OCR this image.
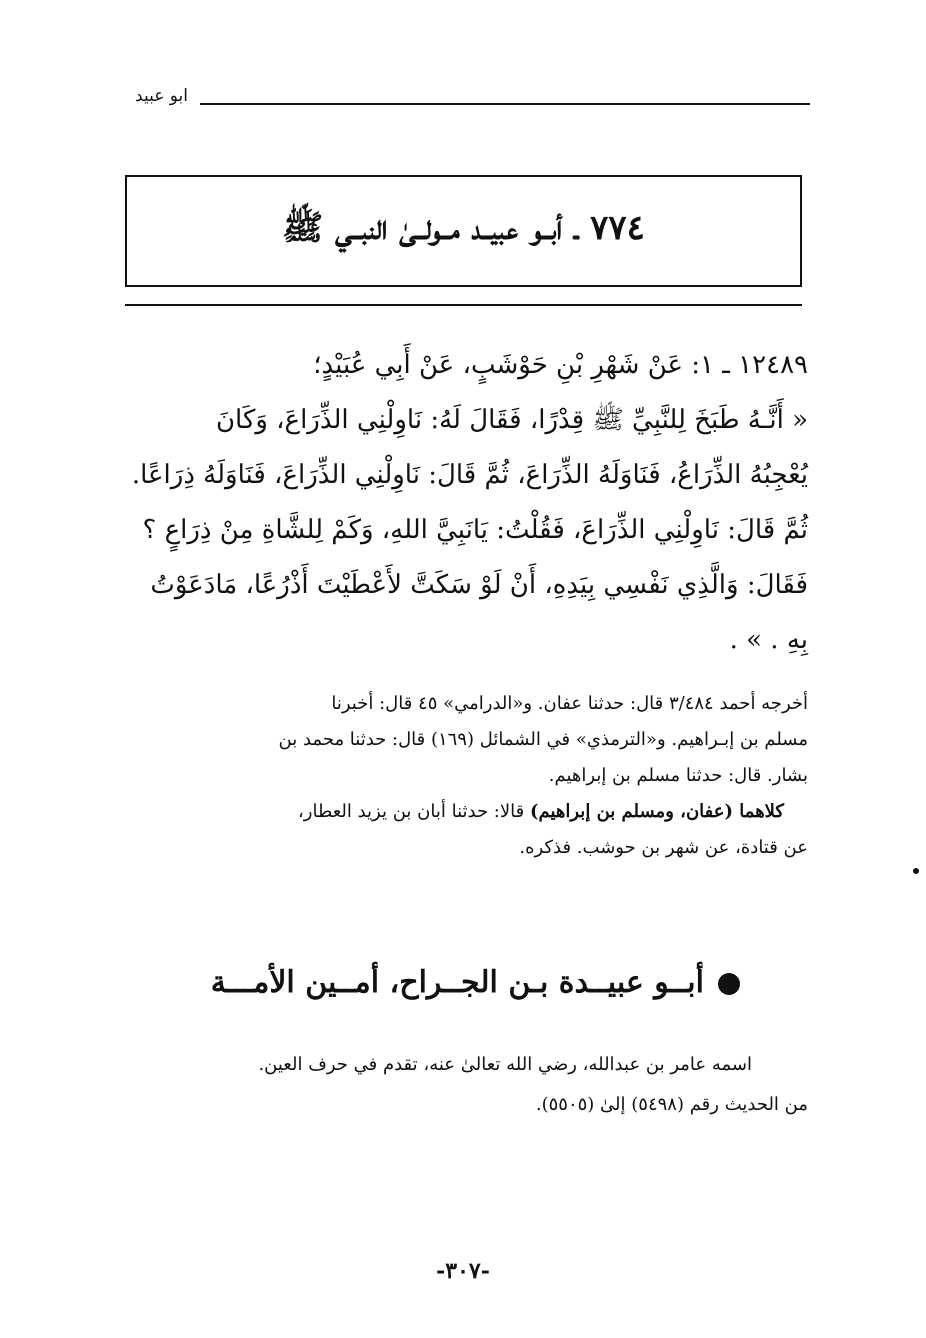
ابو عبيد
٧٧٤ ـ أبــو عبيــد مــولــىٰ النبــي ﷺ

١٢٤٨٩ ـ ١: عَنْ شَهْرِ بْنِ حَوْشَبٍ، عَنْ أَبِي عُبَيْدٍ؛

« أَنَّـهُ طَبَخَ لِلنَّبِيِّ ﷺ قِدْرًا، فَقَالَ لَهُ: نَاوِلْنِي الذِّرَاعَ، وَكَانَ

يُعْجِبُهُ الذِّرَاعُ، فَنَاوَلَهُ الذِّرَاعَ، ثُمَّ قَالَ: نَاوِلْنِي الذِّرَاعَ، فَنَاوَلَهُ ذِرَاعًا.

ثُمَّ قَالَ: نَاوِلْنِي الذِّرَاعَ، فَقُلْتُ: يَانَبِيَّ اللهِ، وَكَمْ لِلشَّاةِ مِنْ ذِرَاعٍ ؟

فَقَالَ: وَالَّذِي نَفْسِي بِيَدِهِ، أَنْ لَوْ سَكَتَّ لأَعْطَيْتَ أَذْرُعًا، مَادَعَوْتُ

بِهِ . » .

أخرجه أحمد ٣/٤٨٤ قال: حدثنا عفان. و«الدرامي» ٤٥ قال: أخبرنا

مسلم بن إبـراهيم. و«الترمذي» في الشمائل (١٦٩) قال: حدثنا محمد بن

بشار. قال: حدثنا مسلم بن إبراهيم.

كلاهما (عفان، ومسلم بن إبراهيم) قالا: حدثنا أبان بن يزيد العطار،

عن قتادة، عن شهر بن حوشب. فذكره.

أبــو عبيــدة بـن الجــراح، أمــين الأمـــة

اسمه عامر بن عبدالله، رضي الله تعالىٰ عنه، تقدم في حرف العين.

من الحديث رقم (٥٤٩٨) إلىٰ (٥٥٠٥).

-٣٠٧-
